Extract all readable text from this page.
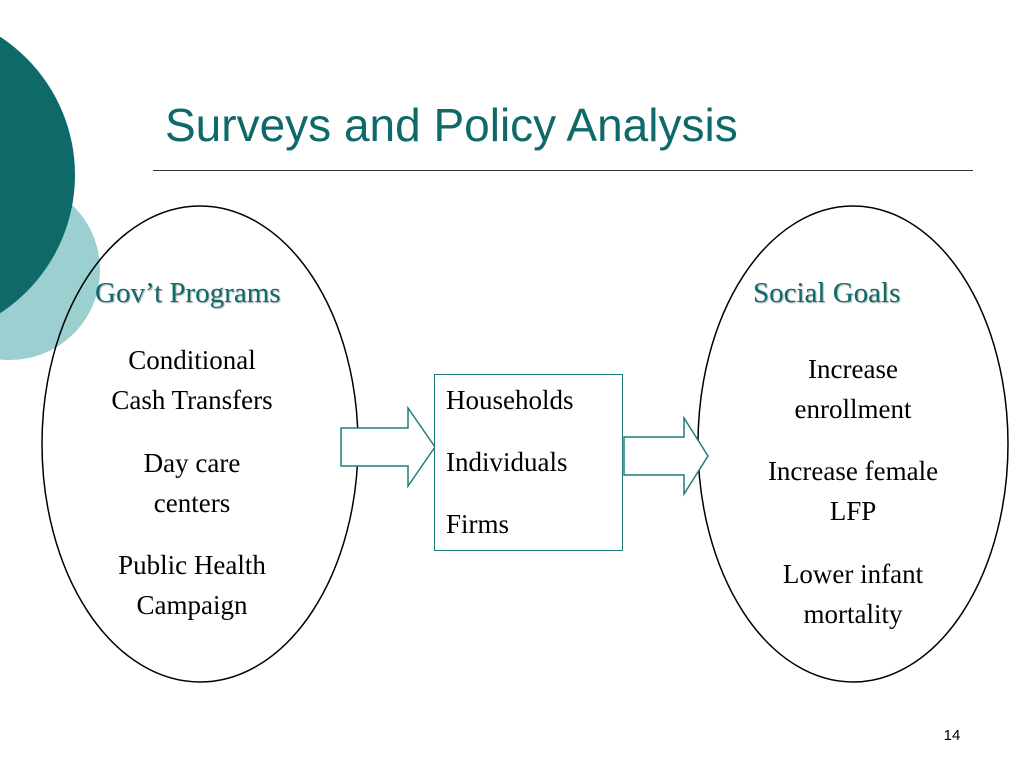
Surveys and Policy Analysis
Gov’t Programs
Conditional
Cash Transfers
Day care
centers
Public Health
Campaign
Households
Individuals
Firms
Social Goals
Increase
enrollment
Increase female
LFP
Lower infant
mortality
14
